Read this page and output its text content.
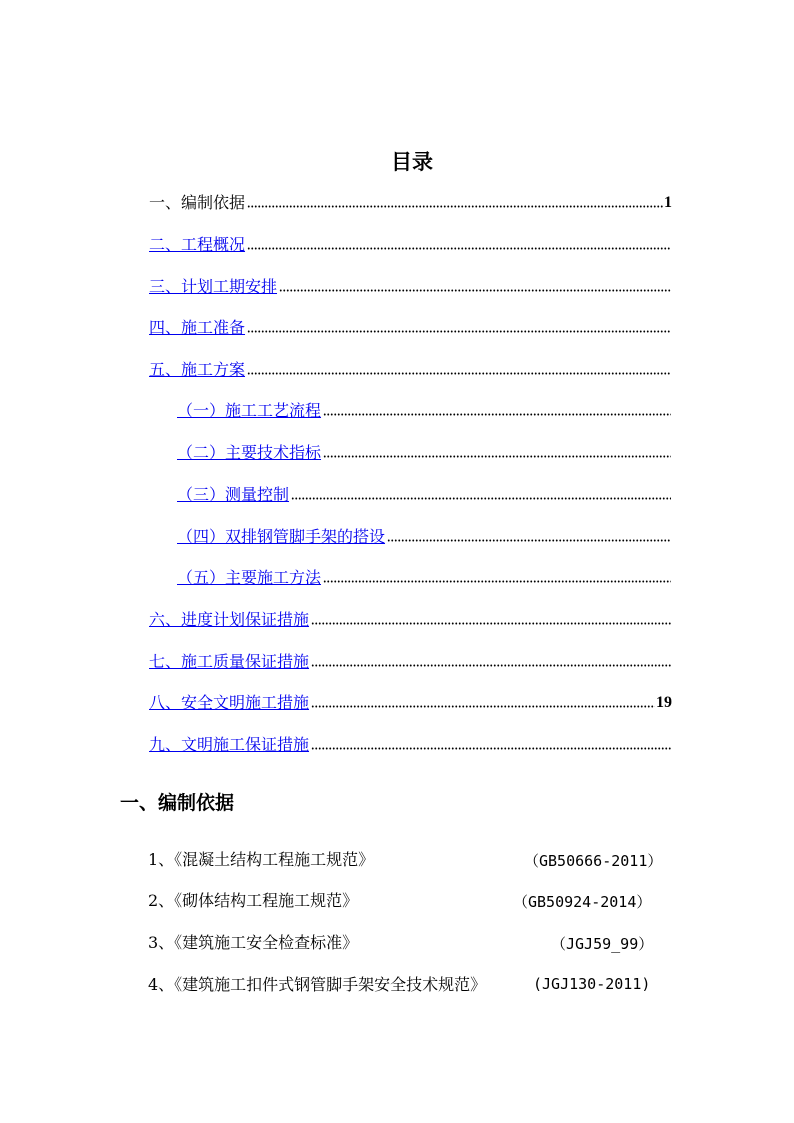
目录
一、编制依据	1
二、工程概况
三、计划工期安排
四、施工准备
五、施工方案
（一）施工工艺流程
（二）主要技术指标
（三）测量控制
（四）双排钢管脚手架的搭设
（五）主要施工方法
六、进度计划保证措施
七、施工质量保证措施
八、安全文明施工措施	19
九、文明施工保证措施
一、编制依据
1、《混凝土结构工程施工规范》	（GB50666-2011）
2、《砌体结构工程施工规范》	（GB50924-2014）
3、《建筑施工安全检查标准》	（JGJ59_99）
4、《建筑施工扣件式钢管脚手架安全技术规范》	(JGJ130-2011)
